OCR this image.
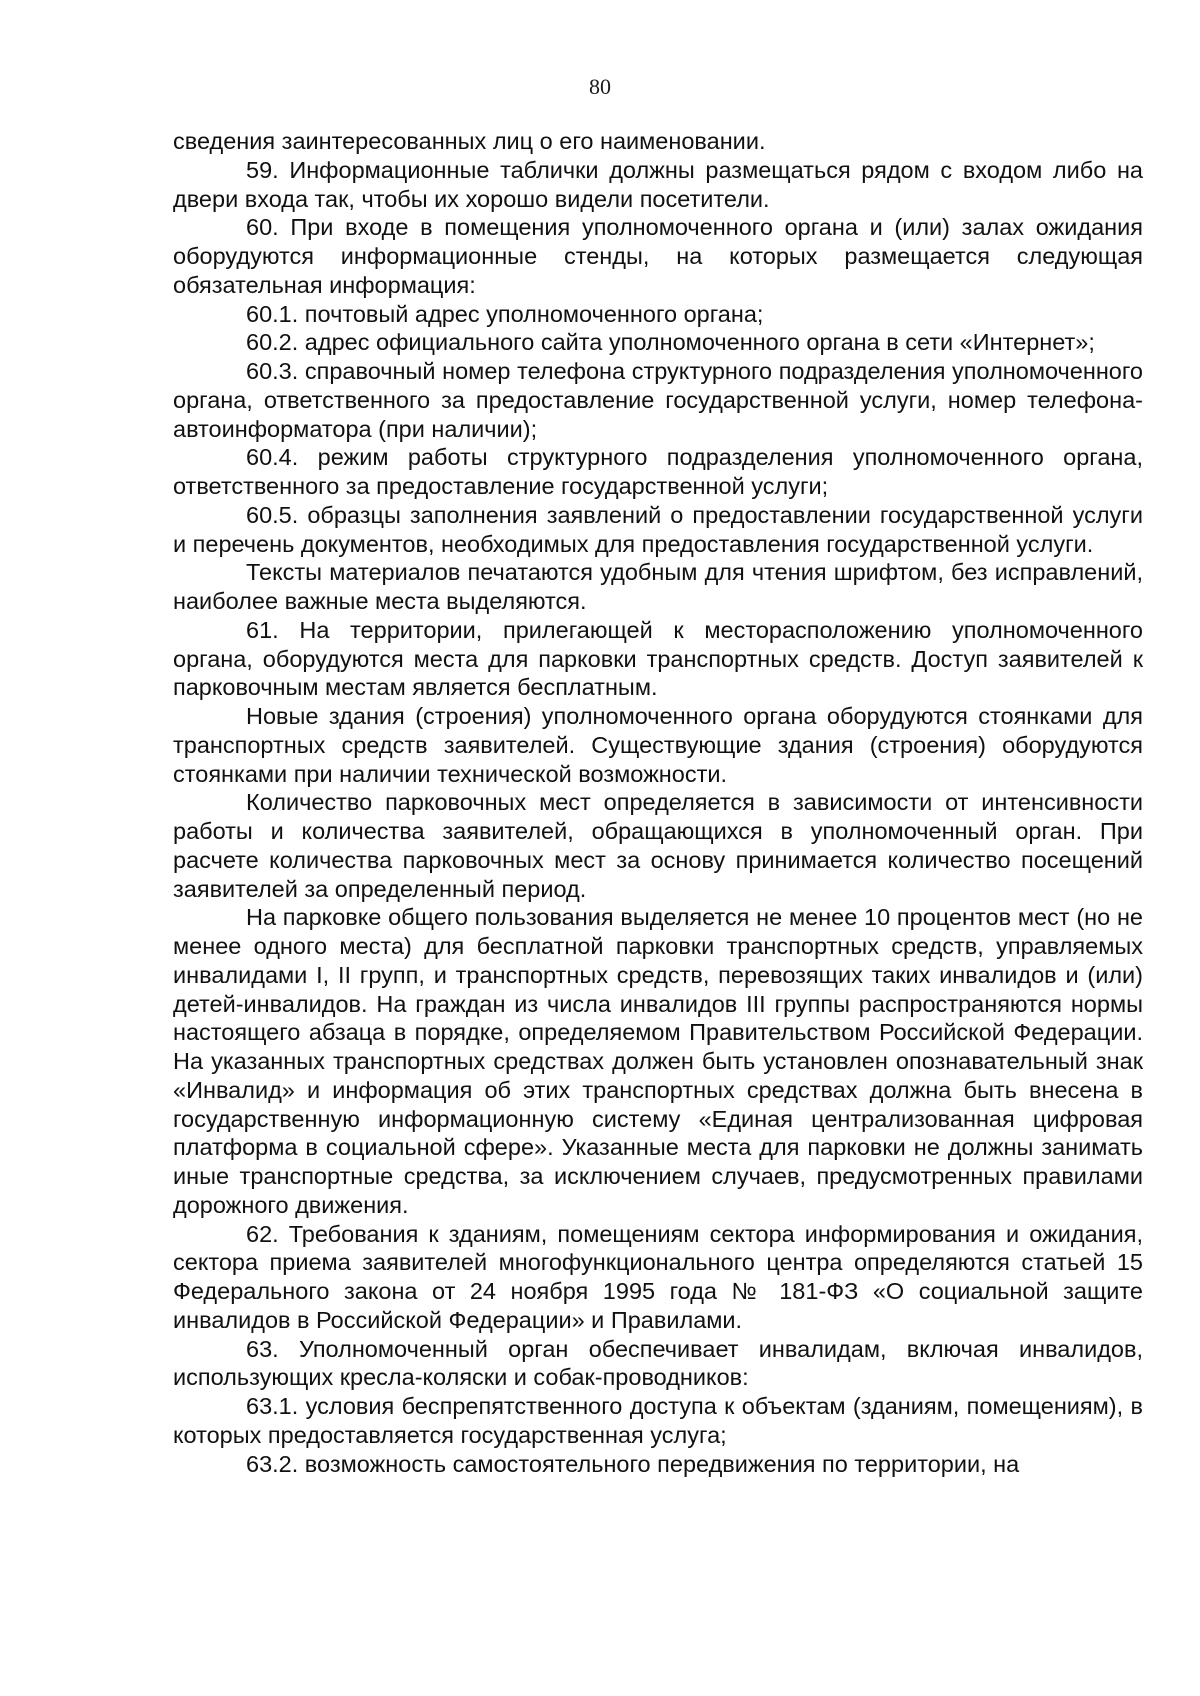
80

сведения заинтересованных лиц о его наименовании.

59. Информационные таблички должны размещаться рядом с входом либо на двери входа так, чтобы их хорошо видели посетители.

60. При входе в помещения уполномоченного органа и (или) залах ожидания оборудуются информационные стенды, на которых размещается следующая обязательная информация:

60.1. почтовый адрес уполномоченного органа;

60.2. адрес официального сайта уполномоченного органа в сети «Интернет»;

60.3. справочный номер телефона структурного подразделения уполномоченного органа, ответственного за предоставление государственной услуги, номер телефона-автоинформатора (при наличии);

60.4. режим работы структурного подразделения уполномоченного органа, ответственного за предоставление государственной услуги;

60.5. образцы заполнения заявлений о предоставлении государственной услуги и перечень документов, необходимых для предоставления государственной услуги.

Тексты материалов печатаются удобным для чтения шрифтом, без исправлений, наиболее важные места выделяются.

61. На территории, прилегающей к месторасположению уполномоченного органа, оборудуются места для парковки транспортных средств. Доступ заявителей к парковочным местам является бесплатным.

Новые здания (строения) уполномоченного органа оборудуются стоянками для транспортных средств заявителей. Существующие здания (строения) оборудуются стоянками при наличии технической возможности.

Количество парковочных мест определяется в зависимости от интенсивности работы и количества заявителей, обращающихся в уполномоченный орган. При расчете количества парковочных мест за основу принимается количество посещений заявителей за определенный период.

На парковке общего пользования выделяется не менее 10 процентов мест (но не менее одного места) для бесплатной парковки транспортных средств, управляемых инвалидами I, II групп, и транспортных средств, перевозящих таких инвалидов и (или) детей-инвалидов. На граждан из числа инвалидов III группы распространяются нормы настоящего абзаца в порядке, определяемом Правительством Российской Федерации. На указанных транспортных средствах должен быть установлен опознавательный знак «Инвалид» и информация об этих транспортных средствах должна быть внесена в государственную информационную систему «Единая централизованная цифровая платформа в социальной сфере». Указанные места для парковки не должны занимать иные транспортные средства, за исключением случаев, предусмотренных правилами дорожного движения.

62. Требования к зданиям, помещениям сектора информирования и ожидания, сектора приема заявителей многофункционального центра определяются статьей 15 Федерального закона от 24 ноября 1995 года № 181-ФЗ «О социальной защите инвалидов в Российской Федерации» и Правилами.

63. Уполномоченный орган обеспечивает инвалидам, включая инвалидов, использующих кресла-коляски и собак-проводников:

63.1. условия беспрепятственного доступа к объектам (зданиям, помещениям), в которых предоставляется государственная услуга;

63.2. возможность самостоятельного передвижения по территории, на
